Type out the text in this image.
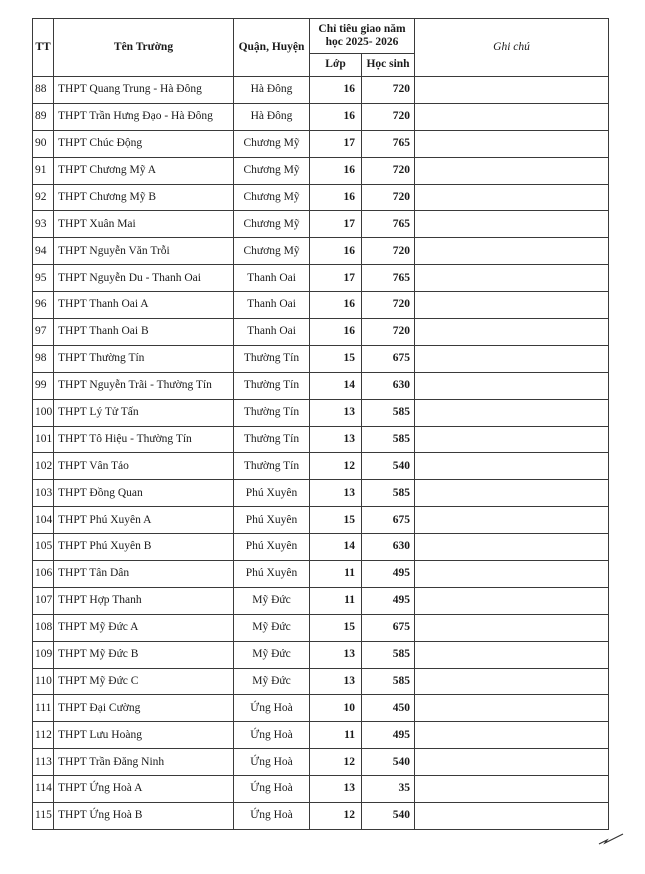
TT	Tên Trường	Quận, Huyện	Chỉ tiêu giao năm học 2025- 2026		Ghi chú
			Lớp	Học sinh	
88	THPT Quang Trung - Hà Đông	Hà Đông	16	720	
89	THPT Trần Hưng Đạo - Hà Đông	Hà Đông	16	720	
90	THPT Chúc Động	Chương Mỹ	17	765	
91	THPT Chương Mỹ A	Chương Mỹ	16	720	
92	THPT Chương Mỹ B	Chương Mỹ	16	720	
93	THPT Xuân Mai	Chương Mỹ	17	765	
94	THPT Nguyễn Văn Trỗi	Chương Mỹ	16	720	
95	THPT Nguyễn Du - Thanh Oai	Thanh Oai	17	765	
96	THPT Thanh Oai A	Thanh Oai	16	720	
97	THPT Thanh Oai B	Thanh Oai	16	720	
98	THPT Thường Tín	Thường Tín	15	675	
99	THPT Nguyễn Trãi - Thường Tín	Thường Tín	14	630	
100	THPT Lý Tử Tấn	Thường Tín	13	585	
101	THPT Tô Hiệu - Thường Tín	Thường Tín	13	585	
102	THPT Vân Tảo	Thường Tín	12	540	
103	THPT Đồng Quan	Phú Xuyên	13	585	
104	THPT Phú Xuyên A	Phú Xuyên	15	675	
105	THPT Phú Xuyên B	Phú Xuyên	14	630	
106	THPT Tân Dân	Phú Xuyên	11	495	
107	THPT Hợp Thanh	Mỹ Đức	11	495	
108	THPT Mỹ Đức A	Mỹ Đức	15	675	
109	THPT Mỹ Đức B	Mỹ Đức	13	585	
110	THPT Mỹ Đức C	Mỹ Đức	13	585	
111	THPT Đại Cường	Ứng Hoà	10	450	
112	THPT Lưu Hoàng	Ứng Hoà	11	495	
113	THPT Trần Đăng Ninh	Ứng Hoà	12	540	
114	THPT Ứng Hoà A	Ứng Hoà	13	35	
115	THPT Ứng Hoà B	Ứng Hoà	12	540	
